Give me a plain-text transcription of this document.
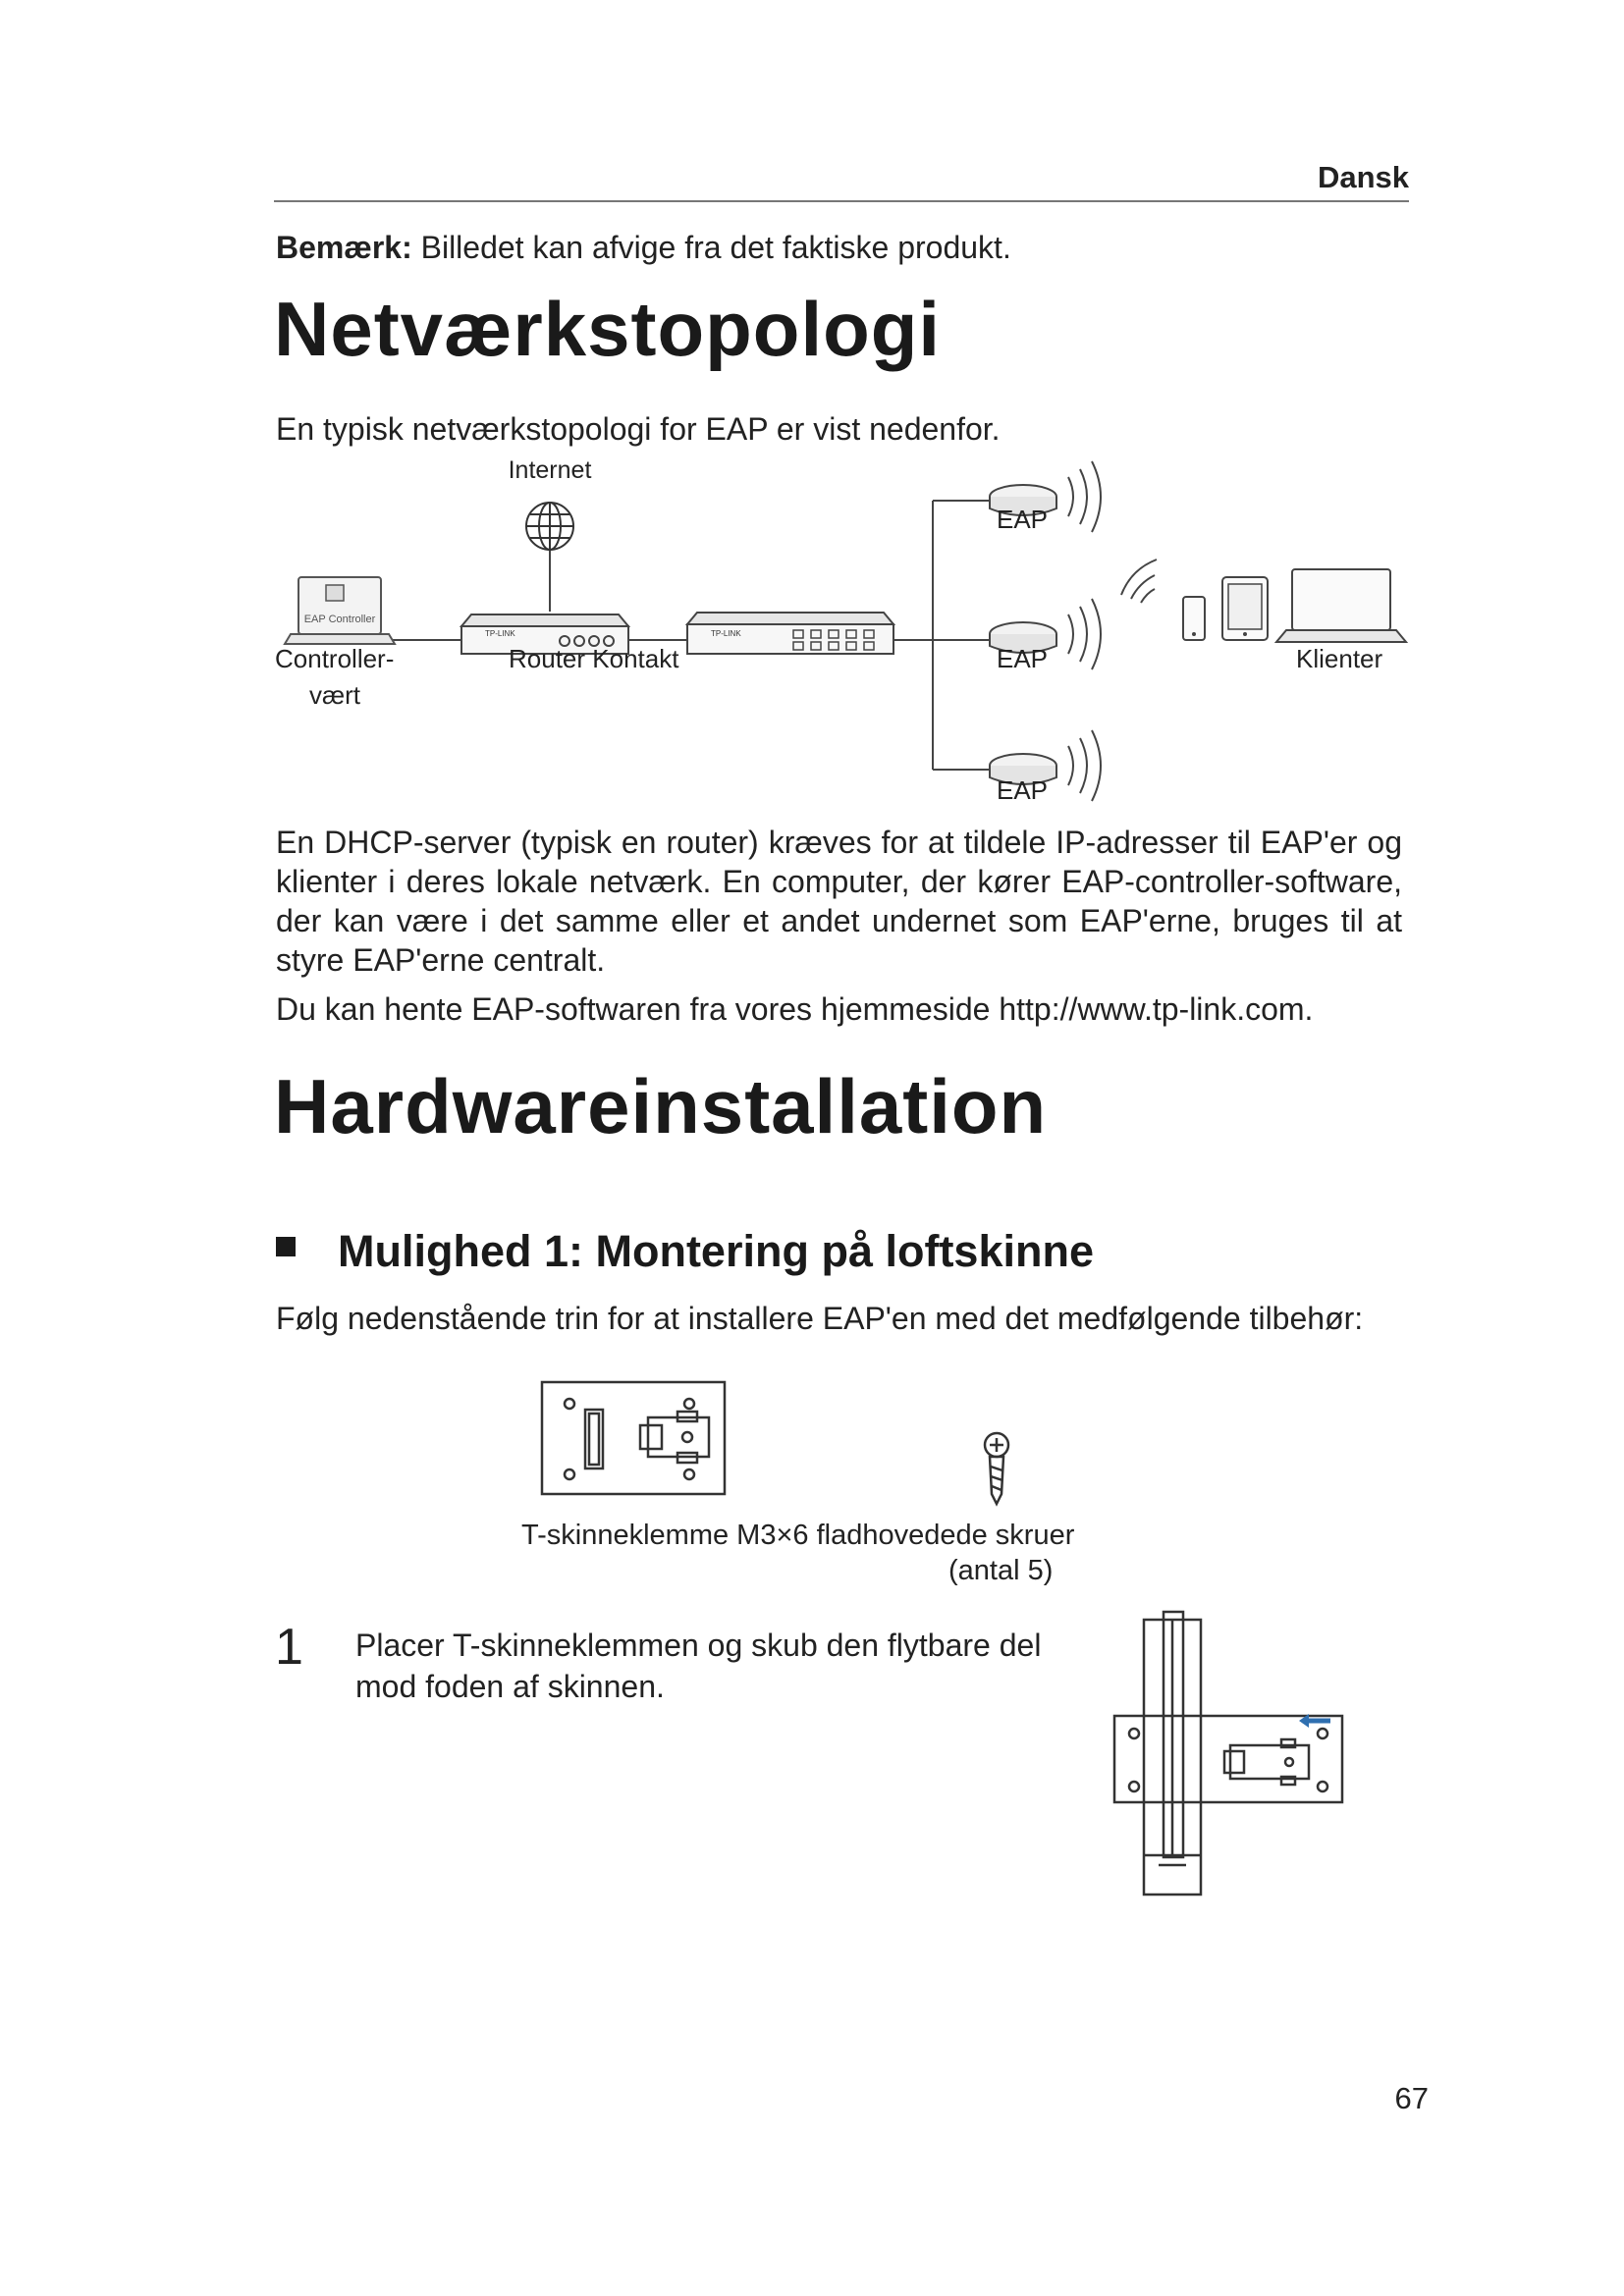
Dansk
Bemærk: Billedet kan afvige fra det faktiske produkt.
Netværkstopologi
En typisk netværkstopologi for EAP er vist nedenfor.
Internet
EAP Controller
TP-LINK	TP-LINK
EAP
EAP
EAP
Klienter
Controller-
vært
Router Kontakt
En DHCP-server (typisk en router) kræves for at tildele IP-adresser til EAP'er og klienter i deres lokale netværk. En computer, der kører EAP-controller-software, der kan være i det samme eller et andet undernet som EAP'erne, bruges til at styre EAP'erne centralt.
Du kan hente EAP-softwaren fra vores hjemmeside http://www.tp-link.com.
Hardwareinstallation
Mulighed 1: Montering på loftskinne
Følg nedenstående trin for at installere EAP'en med det medfølgende tilbehør:
T-skinneklemme M3×6 fladhovedede skruer
(antal 5)
1 Placer T-skinneklemmen og skub den flytbare del mod foden af skinnen.
67
